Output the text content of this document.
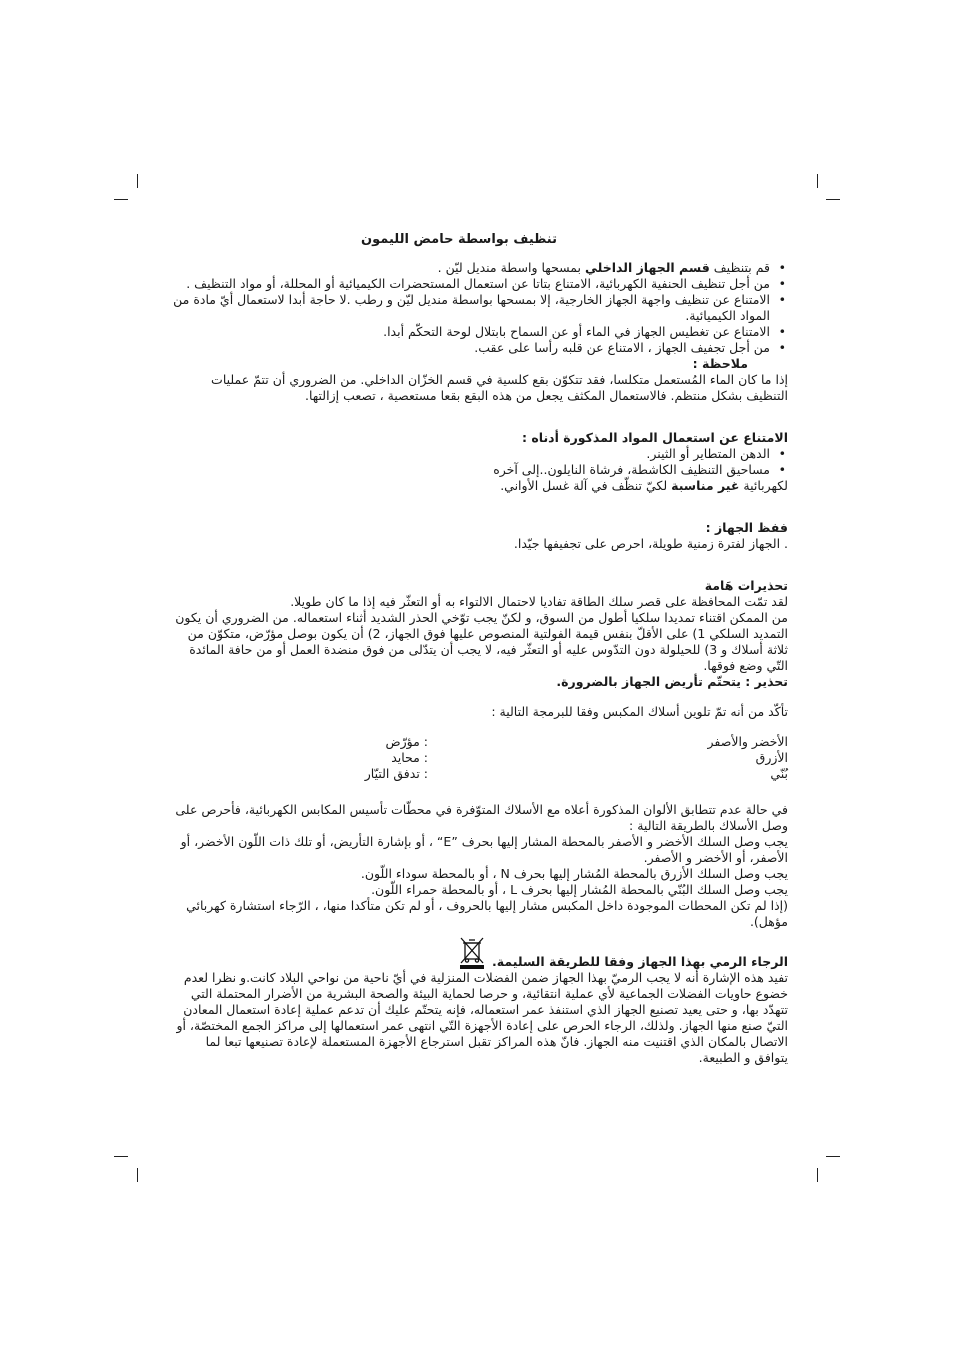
تنظيف بواسطة حامض الليمون
• قم بتنظيف قسم الجهاز الداخلي بمسحها واسطة منديل ليّن .
• من أجل تنظيف الحنفية الكهربائية، الامتناع بتاتا عن استعمال المستحضرات الكيميائية أو المحللة، أو مواد التنظيف .
• الامتناع عن تنظيف واجهة الجهاز الخارجية، إلا بمسحها بواسطة منديل ليّن و رطب .لا حاجة أبدا لاستعمال أيّ مادة من المواد الكيميائية.
• الامتناع عن تغطيس الجهاز في الماء أو عن السماح بابتلال لوحة التحكّم أبدا.
• من أجل تجفيف الجهاز ، الامتناع عن قلبه رأسا على عقب.
ملاحظة :

إذا ما كان الماء المُستعمل متكلسا، فقد تتكوّن بقع كلسية في قسم الخزّان الداخلي. من الضروري أن تتمّ عمليات التنظيف بشكل منتظم. فالاستعمال المكثف يجعل من هذه البقع بقعا مستعصية ، تصعب إزالتها.

الامتناع عن استعمال المواد المذكورة أدناه :
• الدهن المتطاير أو الثينر.
• مساحيق التنظيف الكاشطة، فرشاة النايلون..إلى آخره

لكهربائية غير مناسبة لكيّ تنظّف في آلة غسل الأواني.

ففظ الجهاز :

. الجهاز لفترة زمنية طويلة، احرص على تجفيفها جيّدا.

تحذيرات هَامة

لقد تمّت المحافظة على قصر سلك الطاقة تفاديا لاحتمال الالتواء به أو التعثّر فيه إذا ما كان طويلا.

من الممكن اقتناء تمديدا سلكيا أطول من السوق، و لكنّ يجب توّخي الحذر الشديد أثناء استعماله. من الضروري أن يكون التمديد السلكي 1) على الأقلّ بنفس قيمة الفولتية المنصوص عليها فوق الجهاز، 2) أن يكون بوصل مؤرّض، متكوّن من ثلاثة أسلاك و 3) للحيلولة دون التدّوس عليه أو التعثّر فيه، لا يجب أن يتدّلى من فوق منضدة العمل أو من حافة المائدة التّي وضع فوقها.

تحذير : يتحتّم تأريض الجهاز بالضرورة.

تأكّد من أنه تمّ تلوين أسلاك المكبس وفقا للبرمجة التالية :

الأخضر والأصفر
: مؤرّض
الأزرق
: محايد
بُنّي
: تدفق التيّار

في حالة عدم تتطابق الألوان المذكورة أعلاه مع الأسلاك المتوّفرة في محطّات تأسيس المكابس الكهربائية، فأحرص على وصل الأسلاك بالطريقة التالية :

يجب وصل السلك الأخضر و الأصفر بالمحطة المشار إليها بحرف ”E“ ، أو بإشارة التأريض، أو تلك ذات اللّون الأخضر، أو الأصفر، أو الأخضر و الأصفر.

يجب وصل السلك الأزرق بالمحطة المُشار إليها بحرف N ، أو بالمحطة سوداء اللّون.

يجب وصل السلك البُنّي بالمحطة المُشار إليها بحرف L ، أو بالمحطة حمراء اللّون.

(إذا لم تكن المحطات الموجودة داخل المكبس مشار إليها بالحروف ، أو لم تكن متأكدا منها، ، الرّجاء استشارة كهربائي مؤهل).

الرجاء الرمي بهذا الجهاز وفقا للطريقة السليمة.

تفيد هذه الإشارة أنه لا يجب الرميّ بهذا الجهاز ضمن الفضلات المنزلية في أيّ ناحية من نواحي البلاد كانت.و نظرا لعدم خضوع حاويات الفضلات الجماعية لأي عملية انتقائية، و حرصا لحماية البيئة والصحة البشرية من الأضرار المحتملة التي تتهدّد بها، و حتى يعيد تصنيع الجهاز الذي استنفذ عمر استعماله، فإنه يتحتّم عليك أن تدعم عملية إعادة استعمال المعادن التيّ صنع منها الجهاز. ولذلك، الرجاء الحرص على إعادة الأجهزة التّي انتهى عمر استعمالها إلى مراكز الجمع المختصّة، أو الاتصال بالمكان الذي اقتنيت منه الجهاز. فانّ هذه المراكز تقبل استرجاع الأجهزة المستعملة لإعادة تصنيعها تبعا لما يتوافق و الطبيعة.
